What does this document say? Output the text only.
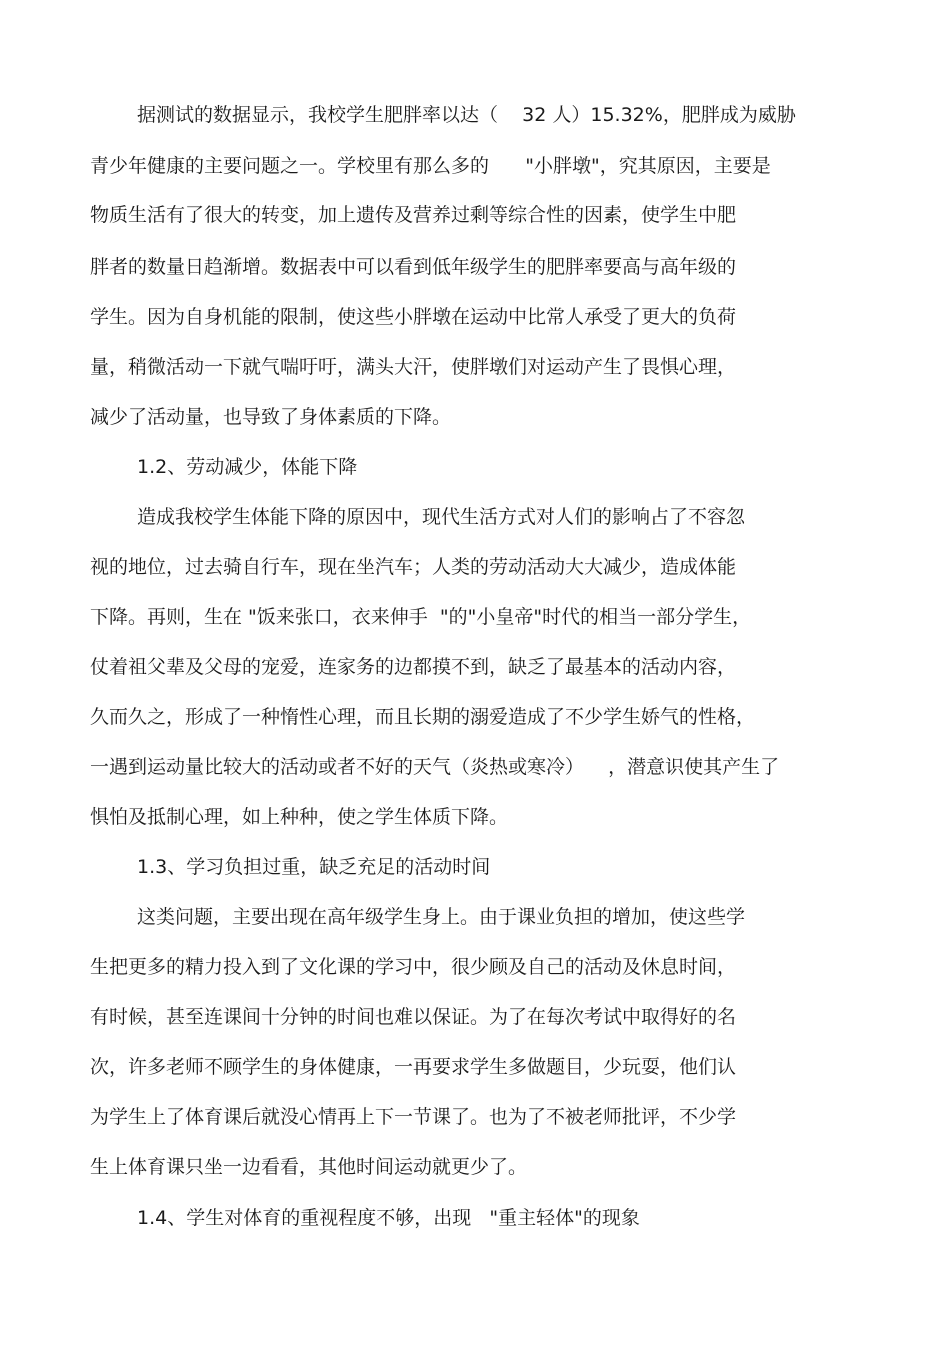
据测试的数据显示，我校学生肥胖率以达（    32 人）15.32%，肥胖成为威胁
青少年健康的主要问题之一。学校里有那么多的      "小胖墩"，究其原因，主要是
物质生活有了很大的转变，加上遗传及营养过剩等综合性的因素，使学生中肥
胖者的数量日趋渐增。数据表中可以看到低年级学生的肥胖率要高与高年级的
学生。因为自身机能的限制，使这些小胖墩在运动中比常人承受了更大的负荷
量，稍微活动一下就气喘吁吁，满头大汗，使胖墩们对运动产生了畏惧心理，
减少了活动量，也导致了身体素质的下降。
1.2、劳动减少，体能下降
造成我校学生体能下降的原因中，现代生活方式对人们的影响占了不容忽
视的地位，过去骑自行车，现在坐汽车；人类的劳动活动大大减少，造成体能
下降。再则，生在 "饭来张口，衣来伸手  "的"小皇帝"时代的相当一部分学生，
仗着祖父辈及父母的宠爱，连家务的边都摸不到，缺乏了最基本的活动内容，
久而久之，形成了一种惰性心理，而且长期的溺爱造成了不少学生娇气的性格，
一遇到运动量比较大的活动或者不好的天气（炎热或寒冷）    ，潜意识使其产生了
惧怕及抵制心理，如上种种，使之学生体质下降。
1.3、学习负担过重，缺乏充足的活动时间
这类问题，主要出现在高年级学生身上。由于课业负担的增加，使这些学
生把更多的精力投入到了文化课的学习中，很少顾及自己的活动及休息时间，
有时候，甚至连课间十分钟的时间也难以保证。为了在每次考试中取得好的名
次，许多老师不顾学生的身体健康，一再要求学生多做题目，少玩耍，他们认
为学生上了体育课后就没心情再上下一节课了。也为了不被老师批评，不少学
生上体育课只坐一边看看，其他时间运动就更少了。
1.4、学生对体育的重视程度不够，出现   "重主轻体"的现象
